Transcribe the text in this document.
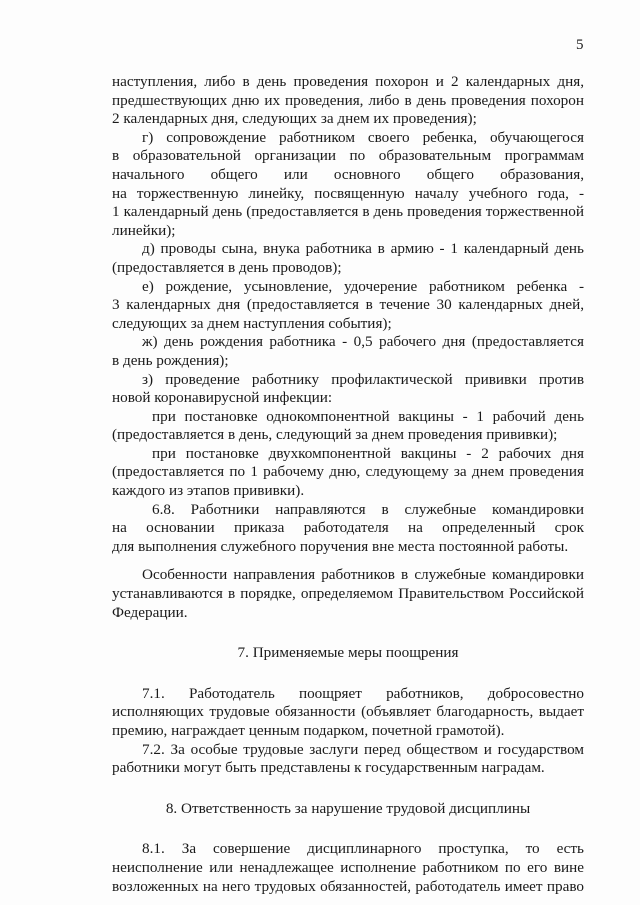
5

наступления, либо в день проведения похорон и 2 календарных дня,

предшествующих дню их проведения, либо в день проведения похорон

2 календарных дня, следующих за днем их проведения);

г) сопровождение работником своего ребенка, обучающегося

в образовательной организации по образовательным программам

начального общего или основного общего образования,

на торжественную линейку, посвященную началу учебного года, -

1 календарный день (предоставляется в день проведения торжественной

линейки);

д) проводы сына, внука работника в армию - 1 календарный день

(предоставляется в день проводов);

е) рождение, усыновление, удочерение работником ребенка -

3 календарных дня (предоставляется в течение 30 календарных дней,

следующих за днем наступления события);

ж) день рождения работника - 0,5 рабочего дня (предоставляется

в день рождения);

з) проведение работнику профилактической прививки против

новой коронавирусной инфекции:

при постановке однокомпонентной вакцины - 1 рабочий день

(предоставляется в день, следующий за днем проведения прививки);

при постановке двухкомпонентной вакцины - 2 рабочих дня

(предоставляется по 1 рабочему дню, следующему за днем проведения

каждого из этапов прививки).

6.8. Работники направляются в служебные командировки

на основании приказа работодателя на определенный срок

для выполнения служебного поручения вне места постоянной работы.

Особенности направления работников в служебные командировки

устанавливаются в порядке, определяемом Правительством Российской

Федерации.

7. Применяемые меры поощрения

7.1. Работодатель поощряет работников, добросовестно

исполняющих трудовые обязанности (объявляет благодарность, выдает

премию, награждает ценным подарком, почетной грамотой).

7.2. За особые трудовые заслуги перед обществом и государством

работники могут быть представлены к государственным наградам.

8. Ответственность за нарушение трудовой дисциплины

8.1. За совершение дисциплинарного проступка, то есть

неисполнение или ненадлежащее исполнение работником по его вине

возложенных на него трудовых обязанностей, работодатель имеет право
